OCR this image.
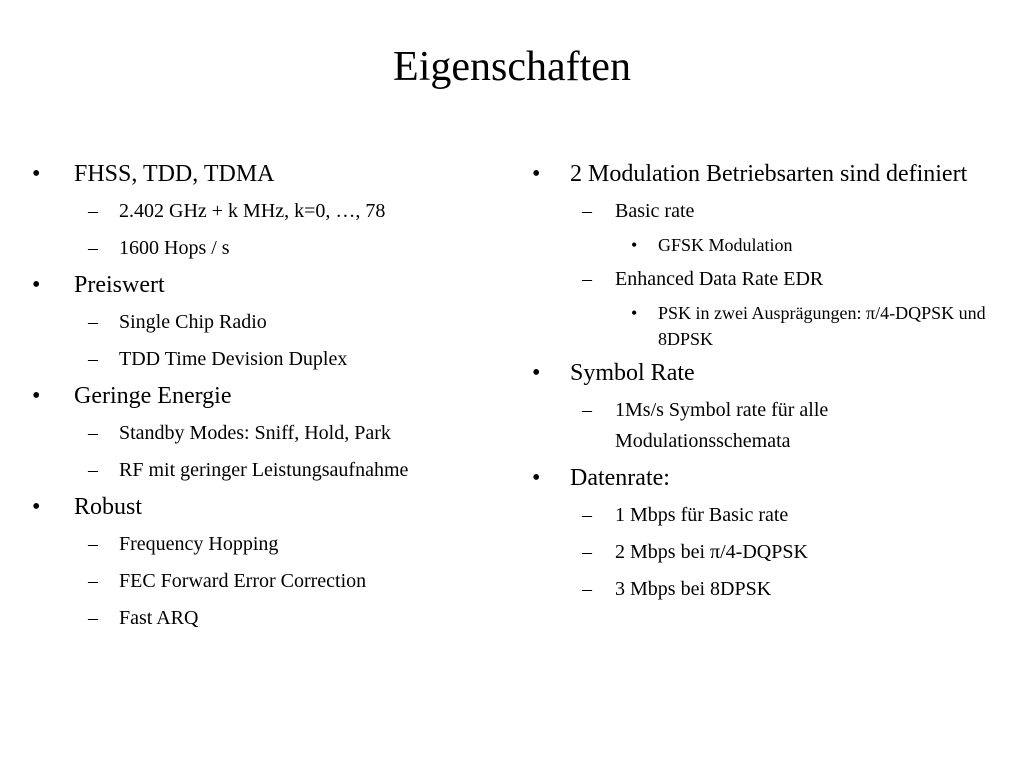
Eigenschaften
• FHSS, TDD, TDMA
– 2.402 GHz + k MHz, k=0, …, 78
– 1600 Hops / s
• Preiswert
– Single Chip Radio
– TDD Time Devision Duplex
• Geringe Energie
– Standby Modes: Sniff, Hold, Park
– RF mit geringer Leistungsaufnahme
• Robust
– Frequency Hopping
– FEC Forward Error Correction
– Fast ARQ
• 2 Modulation Betriebsarten sind definiert
– Basic rate
• GFSK Modulation
– Enhanced Data Rate EDR
• PSK in zwei Ausprägungen: π/4-DQPSK und 8DPSK
• Symbol Rate
– 1Ms/s Symbol rate für alle Modulationsschemata
• Datenrate:
– 1 Mbps für Basic rate
– 2 Mbps bei π/4-DQPSK
– 3 Mbps bei 8DPSK
